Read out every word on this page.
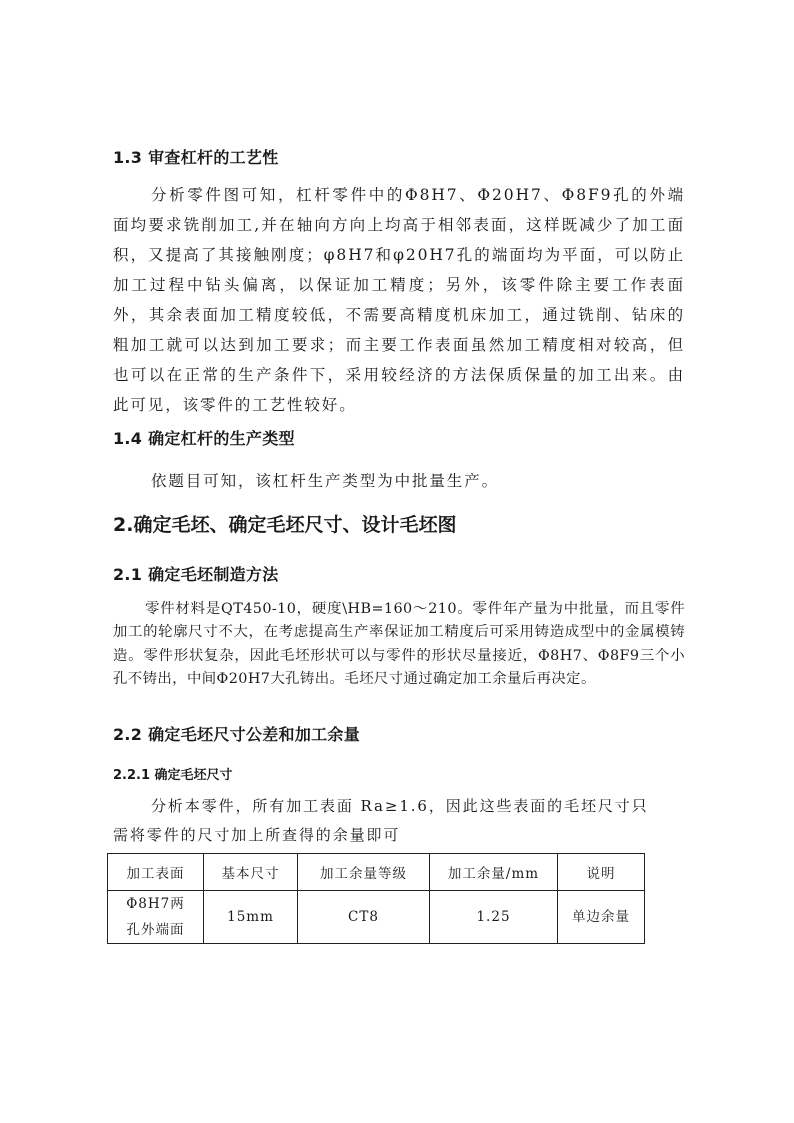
1.3 审查杠杆的工艺性
分析零件图可知，杠杆零件中的Φ8H7、Φ20H7、Φ8F9孔的外端面均要求铣削加工,并在轴向方向上均高于相邻表面，这样既减少了加工面积，又提高了其接触刚度；φ8H7和φ20H7孔的端面均为平面，可以防止加工过程中钻头偏离，以保证加工精度；另外，该零件除主要工作表面外，其余表面加工精度较低，不需要高精度机床加工，通过铣削、钻床的粗加工就可以达到加工要求；而主要工作表面虽然加工精度相对较高，但也可以在正常的生产条件下，采用较经济的方法保质保量的加工出来。由此可见，该零件的工艺性较好。
1.4 确定杠杆的生产类型
依题目可知，该杠杆生产类型为中批量生产。
2.确定毛坯、确定毛坯尺寸、设计毛坯图
2.1 确定毛坯制造方法
零件材料是QT450-10，硬度\HB=160～210。零件年产量为中批量，而且零件加工的轮廓尺寸不大，在考虑提高生产率保证加工精度后可采用铸造成型中的金属模铸造。零件形状复杂，因此毛坯形状可以与零件的形状尽量接近，Φ8H7、Φ8F9三个小孔不铸出，中间Φ20H7大孔铸出。毛坯尺寸通过确定加工余量后再决定。
2.2 确定毛坯尺寸公差和加工余量
2.2.1 确定毛坯尺寸
分析本零件，所有加工表面 Ra≥1.6，因此这些表面的毛坯尺寸只
需将零件的尺寸加上所查得的余量即可
加工表面	基本尺寸	加工余量等级	加工余量/mm	说明

Φ8H7两
孔外端面	15mm	CT8	1.25	单边余量
